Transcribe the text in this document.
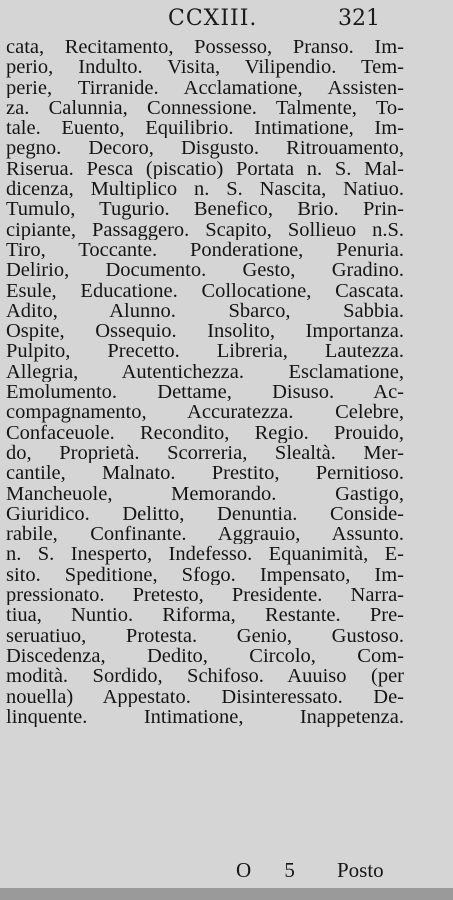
CCXIII.	321
cata, Recitamento, Possesso, Pranso. Im-
perio, Indulto. Visita, Vilipendio. Tem-
perie, Tirranide. Acclamatione, Assisten-
za. Calunnia, Connessione. Talmente, To-
tale. Euento, Equilibrio. Intimatione, Im-
pegno. Decoro, Disgusto. Ritrouamento,
Riserua. Pesca (piscatio) Portata n. S. Mal-
dicenza, Multiplico n. S. Nascita, Natiuo.
Tumulo, Tugurio. Benefico, Brio. Prin-
cipiante, Passaggero. Scapito, Sollieuo n.S.
Tiro, Toccante. Ponderatione, Penuria.
Delirio, Documento. Gesto, Gradino.
Esule, Educatione. Collocatione, Cascata.
Adito, Alunno. Sbarco, Sabbia.
Ospite, Ossequio. Insolito, Importanza.
Pulpito, Precetto. Libreria, Lautezza.
Allegria, Autentichezza. Esclamatione,
Emolumento. Dettame, Disuso. Ac-
compagnamento, Accuratezza. Celebre,
Confaceuole. Recondito, Regio. Prouido,
do, Proprietà. Scorreria, Slealtà. Mer-
cantile, Malnato. Prestito, Pernitioso.
Mancheuole, Memorando. Gastigo,
Giuridico. Delitto, Denuntia. Conside-
rabile, Confinante. Aggrauio, Assunto.
n. S. Inesperto, Indefesso. Equanimità, E-
sito. Speditione, Sfogo. Impensato, Im-
pressionato. Pretesto, Presidente. Narra-
tiua, Nuntio. Riforma, Restante. Pre-
seruatiuo, Protesta. Genio, Gustoso.
Discedenza, Dedito, Circolo, Com-
modità. Sordido, Schifoso. Auuiso (per
nouella) Appestato. Disinteressato. De-
linquente. Intimatione, Inappetenza.
O 5 Posto
